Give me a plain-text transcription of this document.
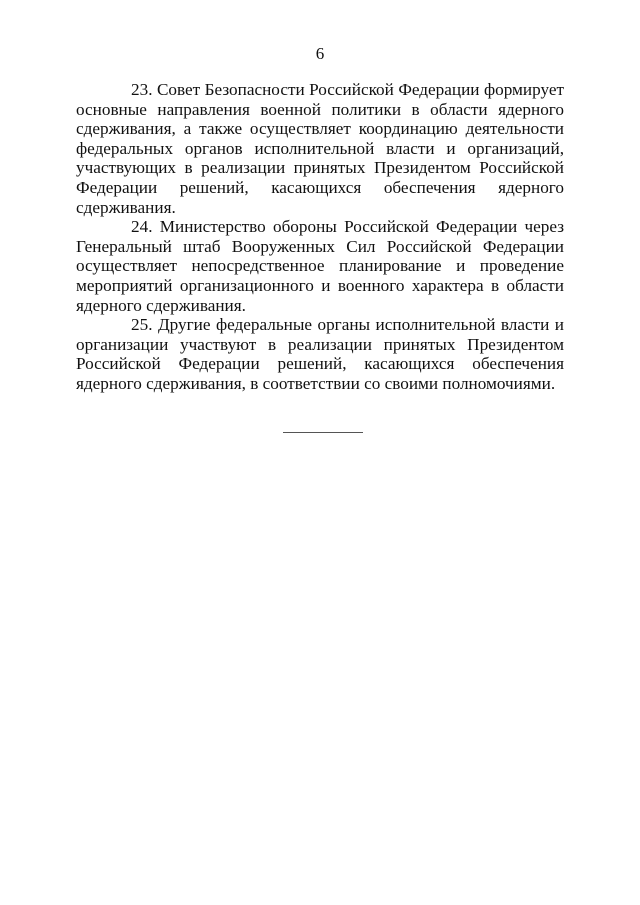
6

23. Совет Безопасности Российской Федерации формирует основные направления военной политики в области ядерного сдерживания, а также осуществляет координацию деятельности федеральных органов исполнительной власти и организаций, участвующих в реализации принятых Президентом Российской Федерации решений, касающихся обеспечения ядерного сдерживания.

24. Министерство обороны Российской Федерации через Генеральный штаб Вооруженных Сил Российской Федерации осуществляет непосредственное планирование и проведение мероприятий организационного и военного характера в области ядерного сдерживания.

25. Другие федеральные органы исполнительной власти и организации участвуют в реализации принятых Президентом Российской Федерации решений, касающихся обеспечения ядерного сдерживания, в соответствии со своими полномочиями.
